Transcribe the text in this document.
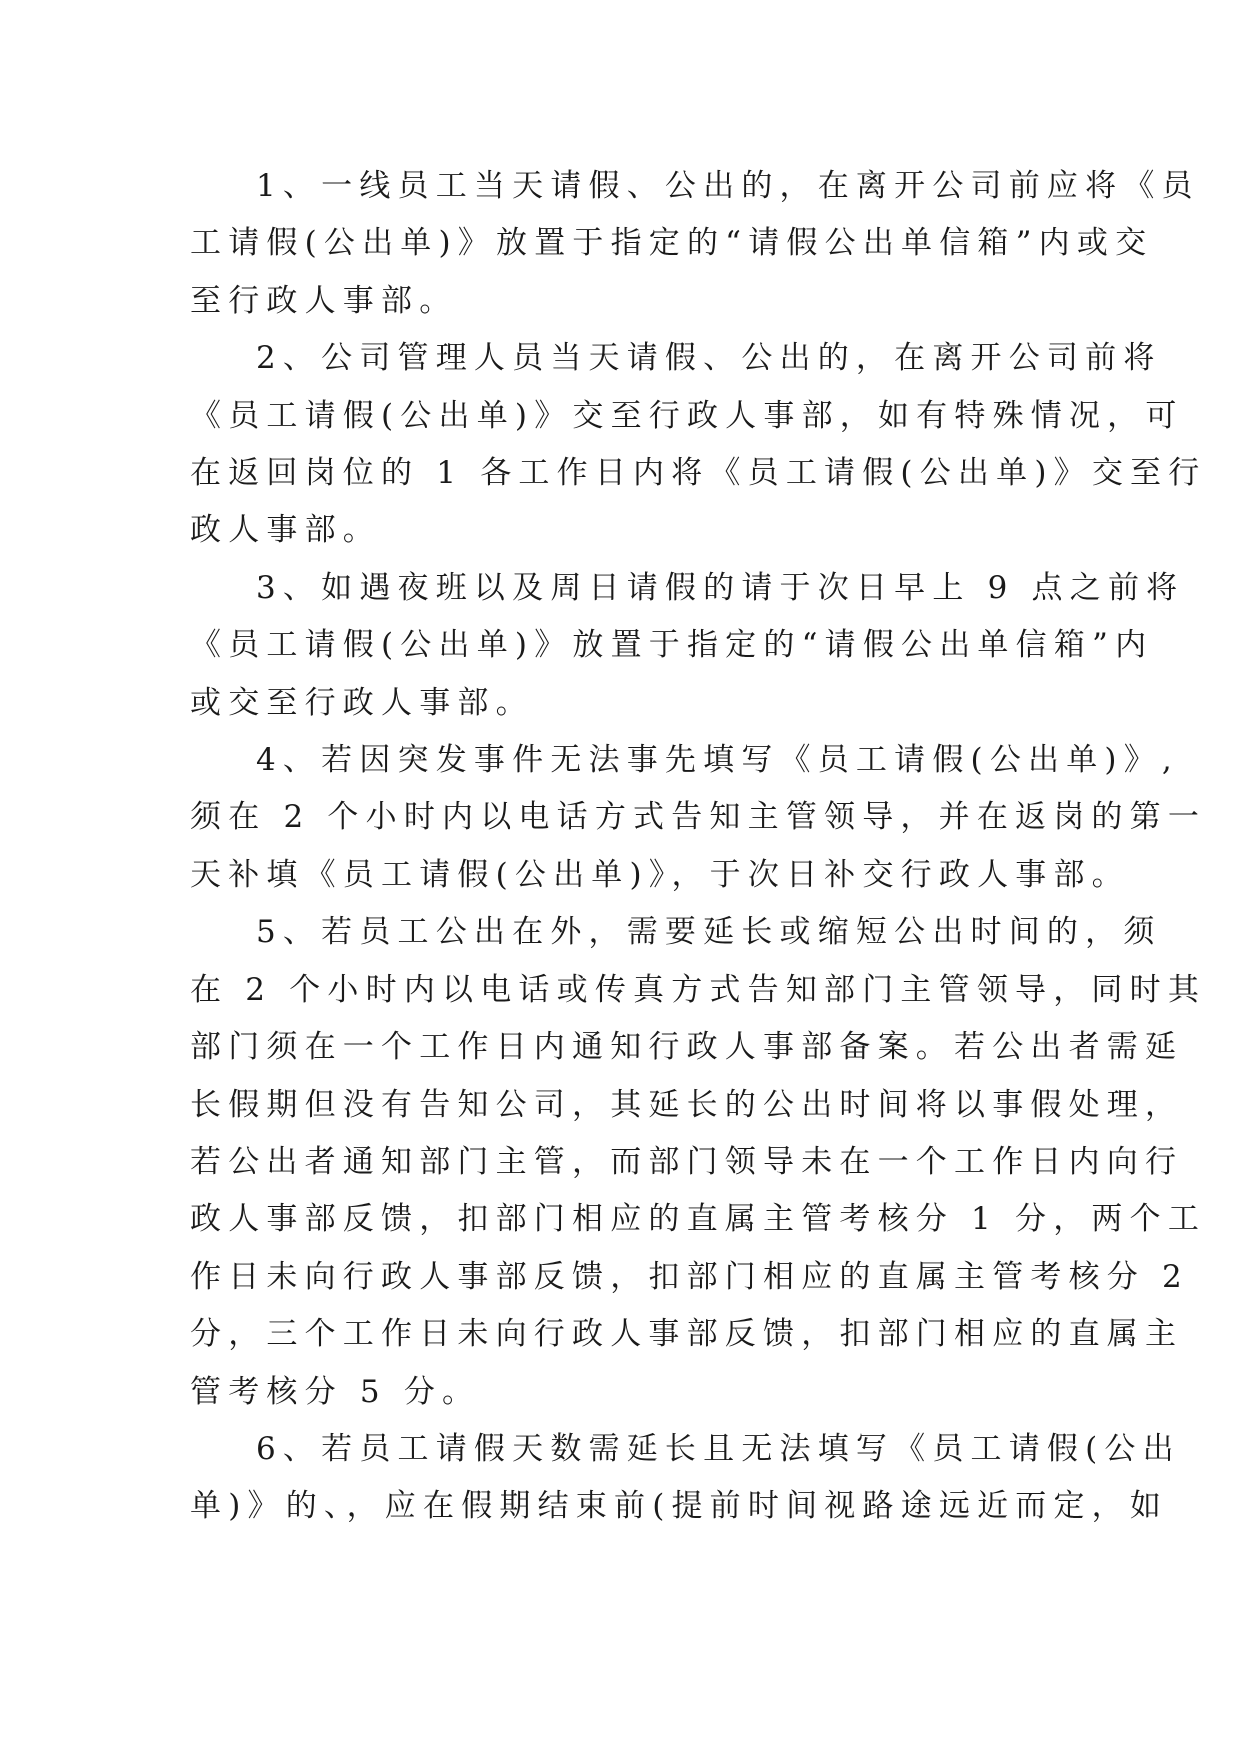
1、一线员工当天请假、公出的，在离开公司前应将《员
工请假(公出单)》放置于指定的“请假公出单信箱”内或交
至行政人事部。

2、公司管理人员当天请假、公出的，在离开公司前将
《员工请假(公出单)》交至行政人事部，如有特殊情况，可
在返回岗位的 1 各工作日内将《员工请假(公出单)》交至行
政人事部。

3、如遇夜班以及周日请假的请于次日早上 9 点之前将
《员工请假(公出单)》放置于指定的“请假公出单信箱”内
或交至行政人事部。

4、若因突发事件无法事先填写《员工请假(公出单)》,
须在 2 个小时内以电话方式告知主管领导，并在返岗的第一
天补填《员工请假(公出单)》，于次日补交行政人事部。

5、若员工公出在外，需要延长或缩短公出时间的，须
在 2 个小时内以电话或传真方式告知部门主管领导，同时其
部门须在一个工作日内通知行政人事部备案。若公出者需延
长假期但没有告知公司，其延长的公出时间将以事假处理，
若公出者通知部门主管，而部门领导未在一个工作日内向行
政人事部反馈，扣部门相应的直属主管考核分 1 分，两个工
作日未向行政人事部反馈，扣部门相应的直属主管考核分 2
分，三个工作日未向行政人事部反馈，扣部门相应的直属主
管考核分 5 分。

6、若员工请假天数需延长且无法填写《员工请假(公出
单)》的、，应在假期结束前(提前时间视路途远近而定，如
